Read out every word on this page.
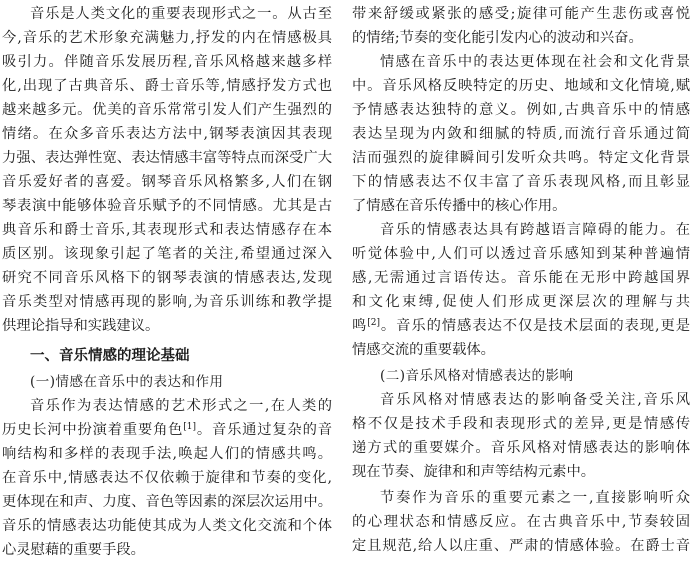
音乐是人类文化的重要表现形式之一。从古至
今,音乐的艺术形象充满魅力,抒发的内在情感极具
吸引力。伴随音乐发展历程,音乐风格越来越多样
化,出现了古典音乐、爵士音乐等,情感抒发方式也
越来越多元。优美的音乐常常引发人们产生强烈的
情绪。在众多音乐表达方法中,钢琴表演因其表现
力强、表达弹性宽、表达情感丰富等特点而深受广大
音乐爱好者的喜爱。钢琴音乐风格繁多,人们在钢
琴表演中能够体验音乐赋予的不同情感。尤其是古
典音乐和爵士音乐,其表现形式和表达情感存在本
质区别。该现象引起了笔者的关注,希望通过深入
研究不同音乐风格下的钢琴表演的情感表达,发现
音乐类型对情感再现的影响,为音乐训练和教学提
供理论指导和实践建议。
一、音乐情感的理论基础
(一)情感在音乐中的表达和作用
音乐作为表达情感的艺术形式之一,在人类的
历史长河中扮演着重要角色[1]。音乐通过复杂的音
响结构和多样的表现手法,唤起人们的情感共鸣。
在音乐中,情感表达不仅依赖于旋律和节奏的变化,
更体现在和声、力度、音色等因素的深层次运用中。
音乐的情感表达功能使其成为人类文化交流和个体
心灵慰藉的重要手段。
带来舒缓或紧张的感受;旋律可能产生悲伤或喜悦
的情绪;节奏的变化能引发内心的波动和兴奋。
情感在音乐中的表达更体现在社会和文化背景
中。音乐风格反映特定的历史、地域和文化情境,赋
予情感表达独特的意义。例如,古典音乐中的情感
表达呈现为内敛和细腻的特质,而流行音乐通过简
洁而强烈的旋律瞬间引发听众共鸣。特定文化背景
下的情感表达不仅丰富了音乐表现风格,而且彰显
了情感在音乐传播中的核心作用。
音乐的情感表达具有跨越语言障碍的能力。在
听觉体验中,人们可以透过音乐感知到某种普遍情
感,无需通过言语传达。音乐能在无形中跨越国界
和文化束缚,促使人们形成更深层次的理解与共
鸣[2]。音乐的情感表达不仅是技术层面的表现,更是
情感交流的重要载体。
(二)音乐风格对情感表达的影响
音乐风格对情感表达的影响备受关注,音乐风
格不仅是技术手段和表现形式的差异,更是情感传
递方式的重要媒介。音乐风格对情感表达的影响体
现在节奏、旋律和和声等结构元素中。
节奏作为音乐的重要元素之一,直接影响听众
的心理状态和情感反应。在古典音乐中,节奏较固
定且规范,给人以庄重、严肃的情感体验。在爵士音
